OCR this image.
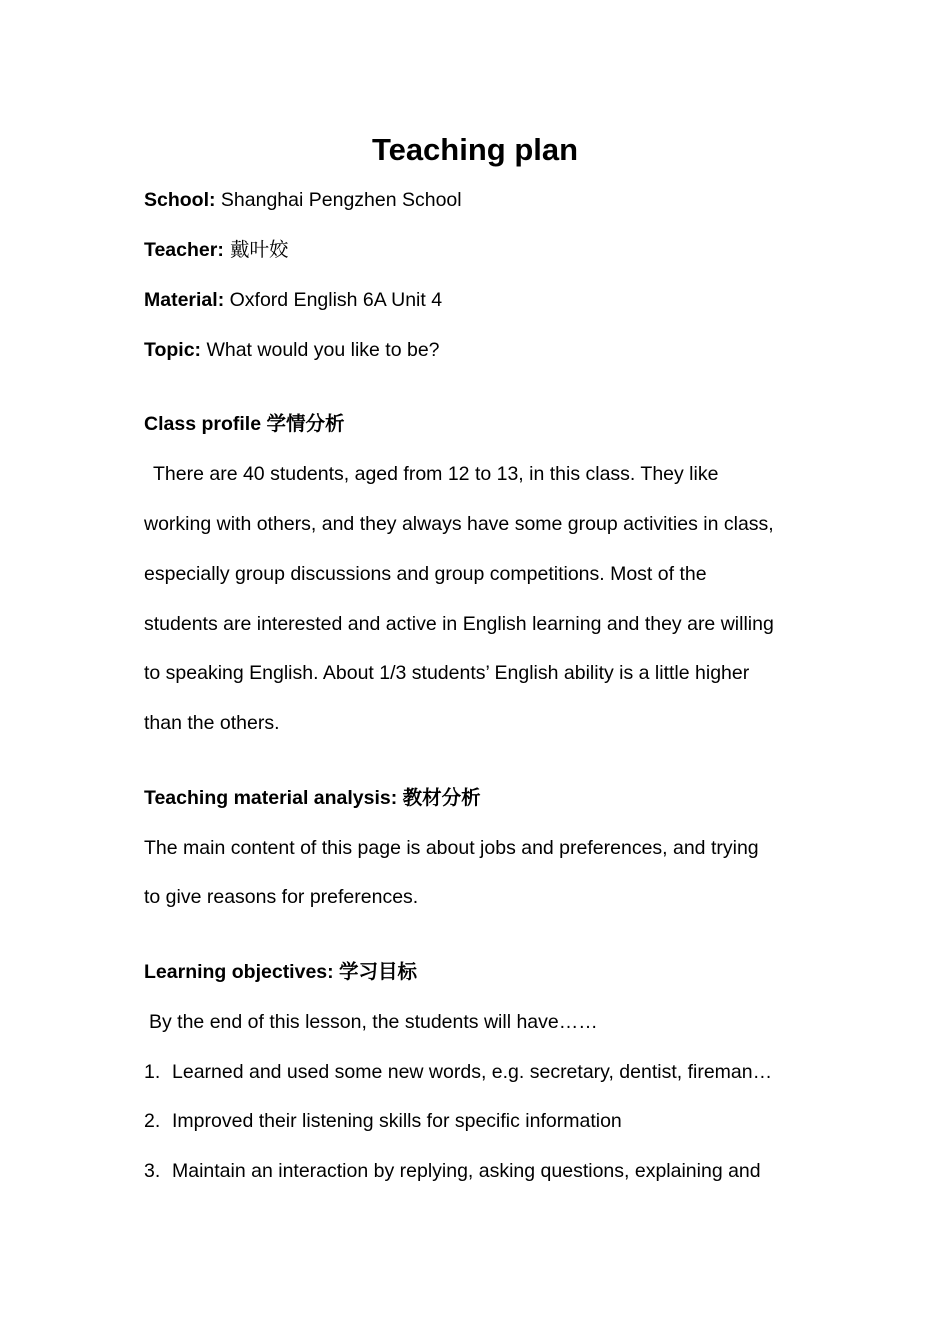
Teaching plan

School: Shanghai Pengzhen School

Teacher: 戴叶姣

Material: Oxford English 6A Unit 4

Topic: What would you like to be?

Class profile 学情分析

There are 40 students, aged from 12 to 13, in this class. They like

working with others, and they always have some group activities in class,

especially group discussions and group competitions. Most of the

students are interested and active in English learning and they are willing

to speaking English. About 1/3 students’ English ability is a little higher

than the others.

Teaching material analysis: 教材分析

The main content of this page is about jobs and preferences, and trying

to give reasons for preferences.

Learning objectives: 学习目标

By the end of this lesson, the students will have……

1. Learned and used some new words, e.g. secretary, dentist, fireman…

2. Improved their listening skills for specific information

3. Maintain an interaction by replying, asking questions, explaining and
